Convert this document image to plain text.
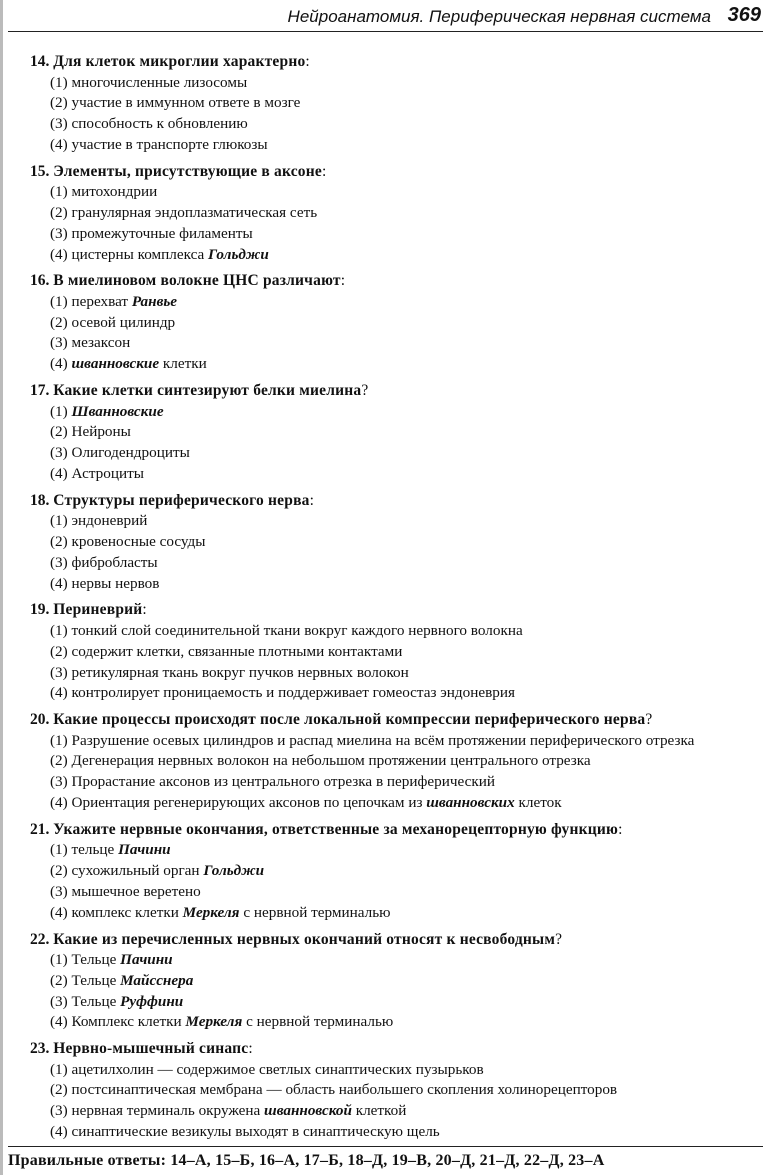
Нейроанатомия. Периферическая нервная система 369
14. Для клеток микроглии характерно:
(1) многочисленные лизосомы
(2) участие в иммунном ответе в мозге
(3) способность к обновлению
(4) участие в транспорте глюкозы
15. Элементы, присутствующие в аксоне:
(1) митохондрии
(2) гранулярная эндоплазматическая сеть
(3) промежуточные филаменты
(4) цистерны комплекса Гольджи
16. В миелиновом волокне ЦНС различают:
(1) перехват Ранвье
(2) осевой цилиндр
(3) мезаксон
(4) шванновские клетки
17. Какие клетки синтезируют белки миелина?
(1) Шванновские
(2) Нейроны
(3) Олигодендроциты
(4) Астроциты
18. Структуры периферического нерва:
(1) эндоневрий
(2) кровеносные сосуды
(3) фибробласты
(4) нервы нервов
19. Периневрий:
(1) тонкий слой соединительной ткани вокруг каждого нервного волокна
(2) содержит клетки, связанные плотными контактами
(3) ретикулярная ткань вокруг пучков нервных волокон
(4) контролирует проницаемость и поддерживает гомеостаз эндоневрия
20. Какие процессы происходят после локальной компрессии периферического нерва?
(1) Разрушение осевых цилиндров и распад миелина на всём протяжении периферического отрезка
(2) Дегенерация нервных волокон на небольшом протяжении центрального отрезка
(3) Прорастание аксонов из центрального отрезка в периферический
(4) Ориентация регенерирующих аксонов по цепочкам из шванновских клеток
21. Укажите нервные окончания, ответственные за механорецепторную функцию:
(1) тельце Пачини
(2) сухожильный орган Гольджи
(3) мышечное веретено
(4) комплекс клетки Меркеля с нервной терминалью
22. Какие из перечисленных нервных окончаний относят к несвободным?
(1) Тельце Пачини
(2) Тельце Майсснера
(3) Тельце Руффини
(4) Комплекс клетки Меркеля с нервной терминалью
23. Нервно-мышечный синапс:
(1) ацетилхолин — содержимое светлых синаптических пузырьков
(2) постсинаптическая мембрана — область наибольшего скопления холинорецепторов
(3) нервная терминаль окружена шванновской клеткой
(4) синаптические везикулы выходят в синаптическую щель
Правильные ответы: 14–А, 15–Б, 16–А, 17–Б, 18–Д, 19–В, 20–Д, 21–Д, 22–Д, 23–А
